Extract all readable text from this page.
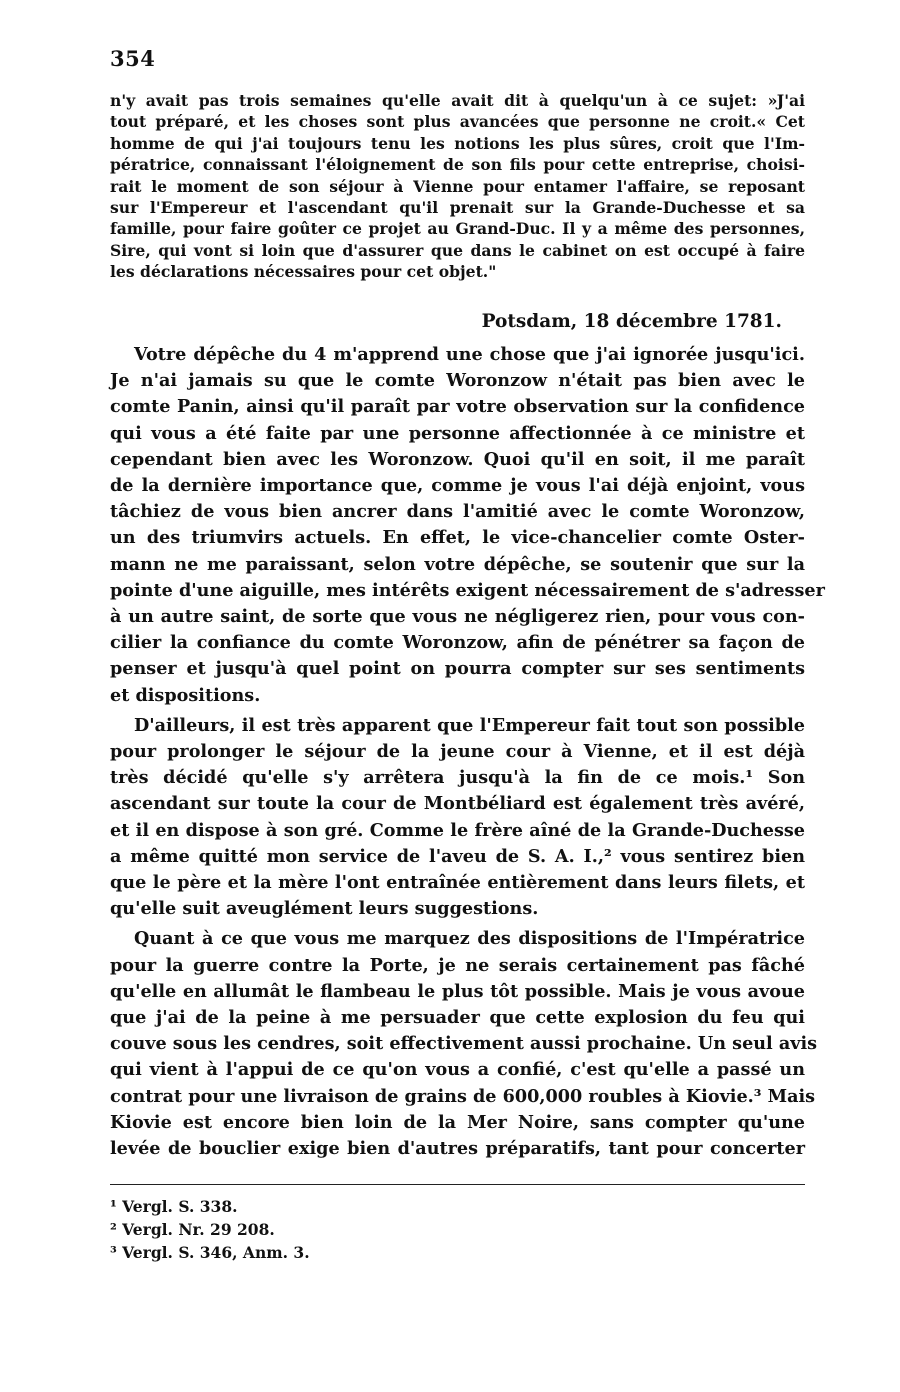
354
n'y avait pas trois semaines qu'elle avait dit à quelqu'un à ce sujet: »J'ai
tout préparé, et les choses sont plus avancées que personne ne croit.« Cet
homme de qui j'ai toujours tenu les notions les plus sûres, croit que l'Im-
pératrice, connaissant l'éloignement de son fils pour cette entreprise, choisi-
rait le moment de son séjour à Vienne pour entamer l'affaire, se reposant
sur l'Empereur et l'ascendant qu'il prenait sur la Grande-Duchesse et sa
famille, pour faire goûter ce projet au Grand-Duc. Il y a même des personnes,
Sire, qui vont si loin que d'assurer que dans le cabinet on est occupé à faire
les déclarations nécessaires pour cet objet."
Potsdam, 18 décembre 1781.
Votre dépêche du 4 m'apprend une chose que j'ai ignorée jusqu'ici.
Je n'ai jamais su que le comte Woronzow n'était pas bien avec le
comte Panin, ainsi qu'il paraît par votre observation sur la confidence
qui vous a été faite par une personne affectionnée à ce ministre et
cependant bien avec les Woronzow. Quoi qu'il en soit, il me paraît
de la dernière importance que, comme je vous l'ai déjà enjoint, vous
tâchiez de vous bien ancrer dans l'amitié avec le comte Woronzow,
un des triumvirs actuels. En effet, le vice-chancelier comte Oster-
mann ne me paraissant, selon votre dépêche, se soutenir que sur la
pointe d'une aiguille, mes intérêts exigent nécessairement de s'adresser
à un autre saint, de sorte que vous ne négligerez rien, pour vous con-
cilier la confiance du comte Woronzow, afin de pénétrer sa façon de
penser et jusqu'à quel point on pourra compter sur ses sentiments
et dispositions.
D'ailleurs, il est très apparent que l'Empereur fait tout son possible
pour prolonger le séjour de la jeune cour à Vienne, et il est déjà
très décidé qu'elle s'y arrêtera jusqu'à la fin de ce mois.¹ Son
ascendant sur toute la cour de Montbéliard est également très avéré,
et il en dispose à son gré. Comme le frère aîné de la Grande-Duchesse
a même quitté mon service de l'aveu de S. A. I.,² vous sentirez bien
que le père et la mère l'ont entraînée entièrement dans leurs filets, et
qu'elle suit aveuglément leurs suggestions.
Quant à ce que vous me marquez des dispositions de l'Impératrice
pour la guerre contre la Porte, je ne serais certainement pas fâché
qu'elle en allumât le flambeau le plus tôt possible. Mais je vous avoue
que j'ai de la peine à me persuader que cette explosion du feu qui
couve sous les cendres, soit effectivement aussi prochaine. Un seul avis
qui vient à l'appui de ce qu'on vous a confié, c'est qu'elle a passé un
contrat pour une livraison de grains de 600,000 roubles à Kiovie.³ Mais
Kiovie est encore bien loin de la Mer Noire, sans compter qu'une
levée de bouclier exige bien d'autres préparatifs, tant pour concerter
¹ Vergl. S. 338.
² Vergl. Nr. 29 208.
³ Vergl. S. 346, Anm. 3.
